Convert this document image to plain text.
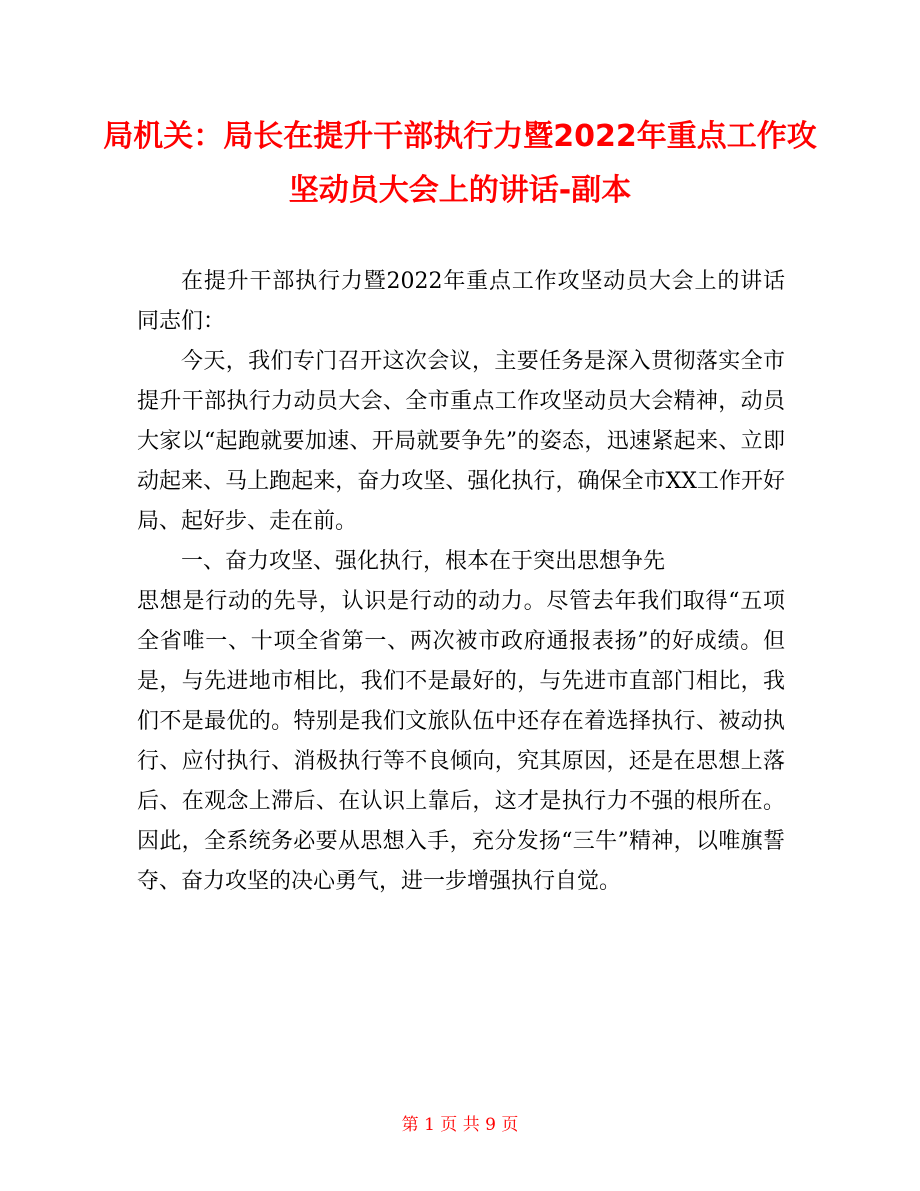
局机关：局长在提升干部执行力暨2022年重点工作攻坚动员大会上的讲话-副本

在提升干部执行力暨2022年重点工作攻坚动员大会上的讲话　同志们：

今天，我们专门召开这次会议，主要任务是深入贯彻落实全市提升干部执行力动员大会、全市重点工作攻坚动员大会精神，动员大家以“起跑就要加速、开局就要争先”的姿态，迅速紧起来、立即动起来、马上跑起来，奋力攻坚、强化执行，确保全市XX工作开好局、起好步、走在前。

一、奋力攻坚、强化执行，根本在于突出思想争先

思想是行动的先导，认识是行动的动力。尽管去年我们取得“五项全省唯一、十项全省第一、两次被市政府通报表扬”的好成绩。但是，与先进地市相比，我们不是最好的，与先进市直部门相比，我们不是最优的。特别是我们文旅队伍中还存在着选择执行、被动执行、应付执行、消极执行等不良倾向，究其原因，还是在思想上落后、在观念上滞后、在认识上靠后，这才是执行力不强的根所在。因此，全系统务必要从思想入手，充分发扬“三牛”精神，以唯旗誓夺、奋力攻坚的决心勇气，进一步增强执行自觉。

第 1 页 共 9 页
